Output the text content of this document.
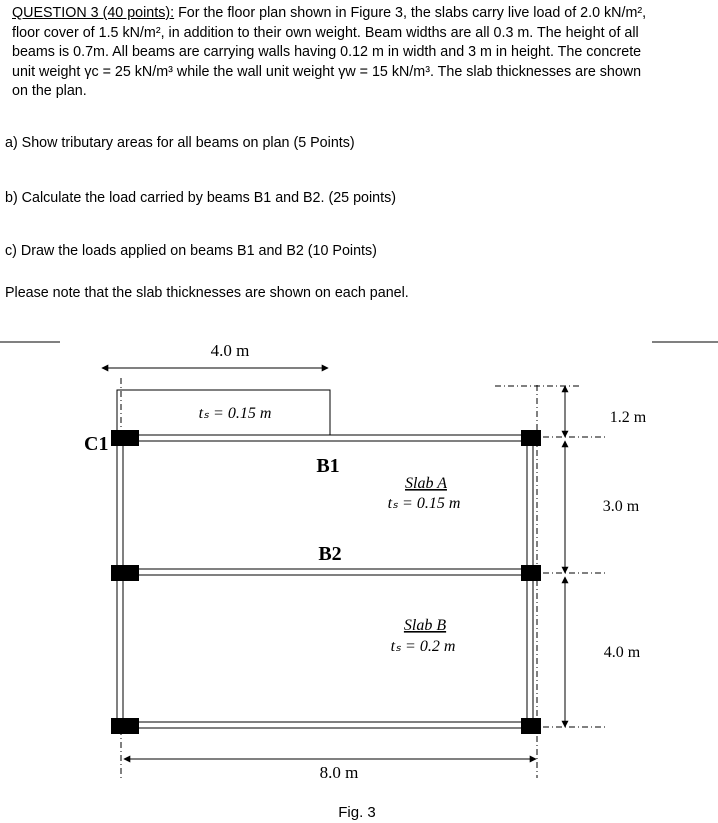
QUESTION 3 (40 points): For the floor plan shown in Figure 3, the slabs carry live load of 2.0 kN/m²,
floor cover of 1.5 kN/m², in addition to their own weight. Beam widths are all 0.3 m. The height of all
beams is 0.7m. All beams are carrying walls having 0.12 m in width and 3 m in height. The concrete
unit weight γc = 25 kN/m³ while the wall unit weight γw = 15 kN/m³. The slab thicknesses are shown
on the plan.
a) Show tributary areas for all beams on plan (5 Points)
b) Calculate the load carried by beams B1 and B2. (25 points)
c) Draw the loads applied on beams B1 and B2 (10 Points)
Please note that the slab thicknesses are shown on each panel.
4.0 m
tₛ = 0.15 m
C1
B1
B2
Slab A
tₛ = 0.15 m
Slab B
tₛ = 0.2 m
1.2 m
3.0 m
4.0 m
8.0 m
Fig. 3
